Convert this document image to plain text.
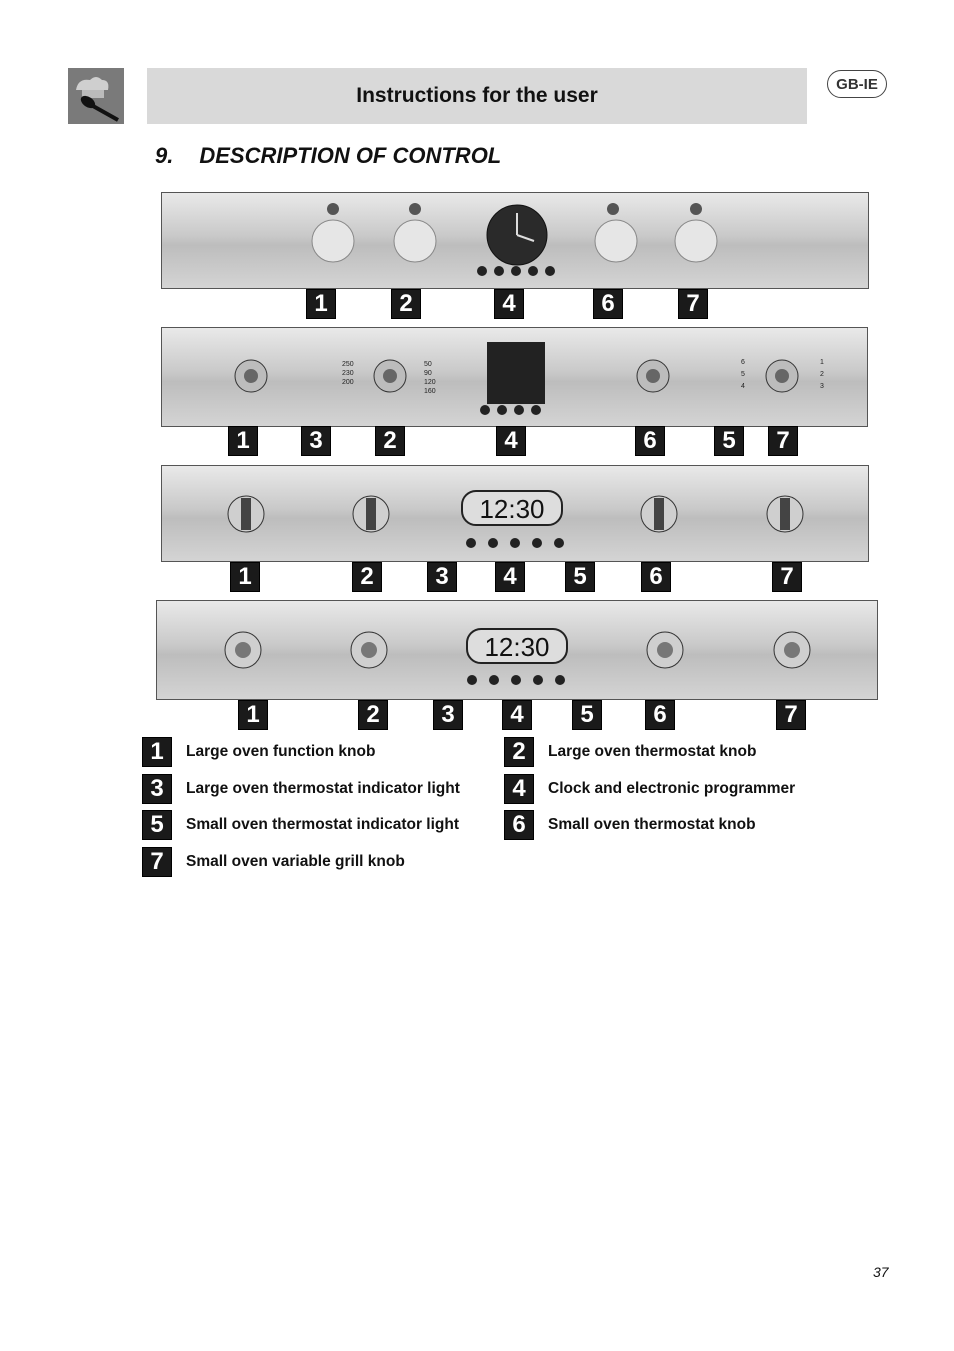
Instructions for the user	GB-IE
9. DESCRIPTION OF CONTROL
1	2	4	6	7
1	3	2	4	6	5	7
12:30
1	2	3	4	5	6	7
12:30
1	2	3	4	5	6	7
1	Large oven function knob	2	Large oven thermostat knob
3	Large oven thermostat indicator light	4	Clock and electronic programmer
5	Small oven thermostat indicator light	6	Small oven thermostat knob
7	Small oven variable grill knob
37
250
230
200
50
90
120
160
6
5
4
1
2
3
